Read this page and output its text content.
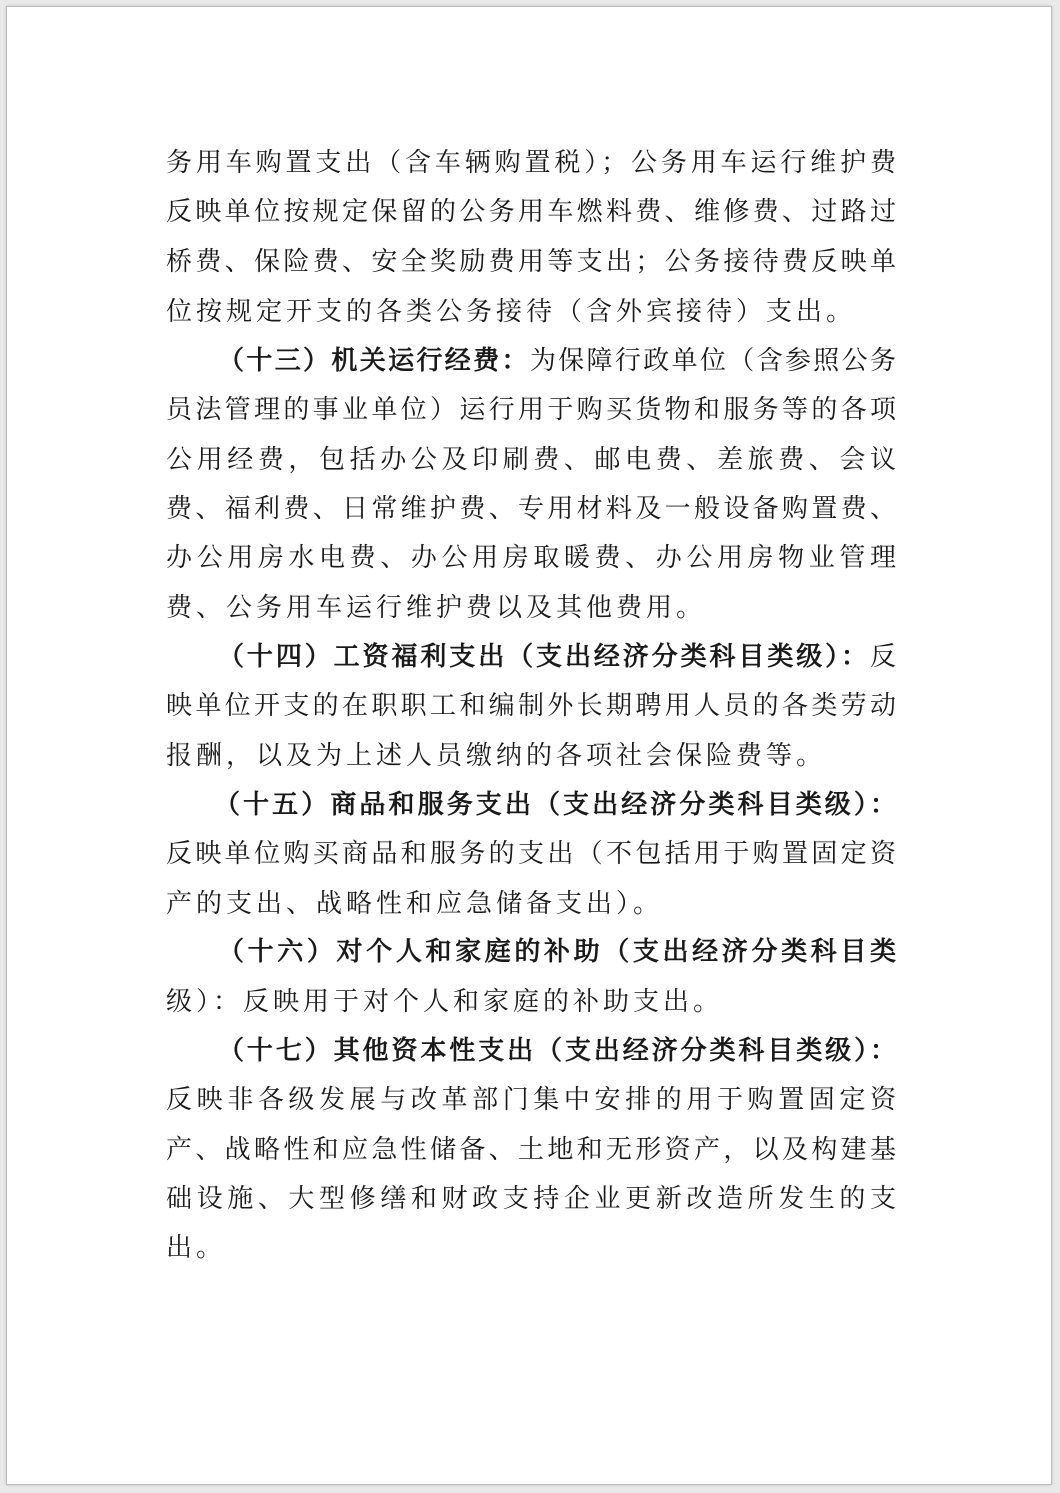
务用车购置支出（含车辆购置税）；公务用车运行维护费
反映单位按规定保留的公务用车燃料费、维修费、过路过
桥费、保险费、安全奖励费用等支出；公务接待费反映单
位按规定开支的各类公务接待（含外宾接待）支出。
（十三）机关运行经费：为保障行政单位（含参照公务
员法管理的事业单位）运行用于购买货物和服务等的各项
公用经费，包括办公及印刷费、邮电费、差旅费、会议
费、福利费、日常维护费、专用材料及一般设备购置费、
办公用房水电费、办公用房取暖费、办公用房物业管理
费、公务用车运行维护费以及其他费用。
（十四）工资福利支出（支出经济分类科目类级）：反
映单位开支的在职职工和编制外长期聘用人员的各类劳动
报酬，以及为上述人员缴纳的各项社会保险费等。
（十五）商品和服务支出（支出经济分类科目类级）：
反映单位购买商品和服务的支出（不包括用于购置固定资
产的支出、战略性和应急储备支出）。
（十六）对个人和家庭的补助（支出经济分类科目类
级）：反映用于对个人和家庭的补助支出。
（十七）其他资本性支出（支出经济分类科目类级）：
反映非各级发展与改革部门集中安排的用于购置固定资
产、战略性和应急性储备、土地和无形资产，以及构建基
础设施、大型修缮和财政支持企业更新改造所发生的支
出。
